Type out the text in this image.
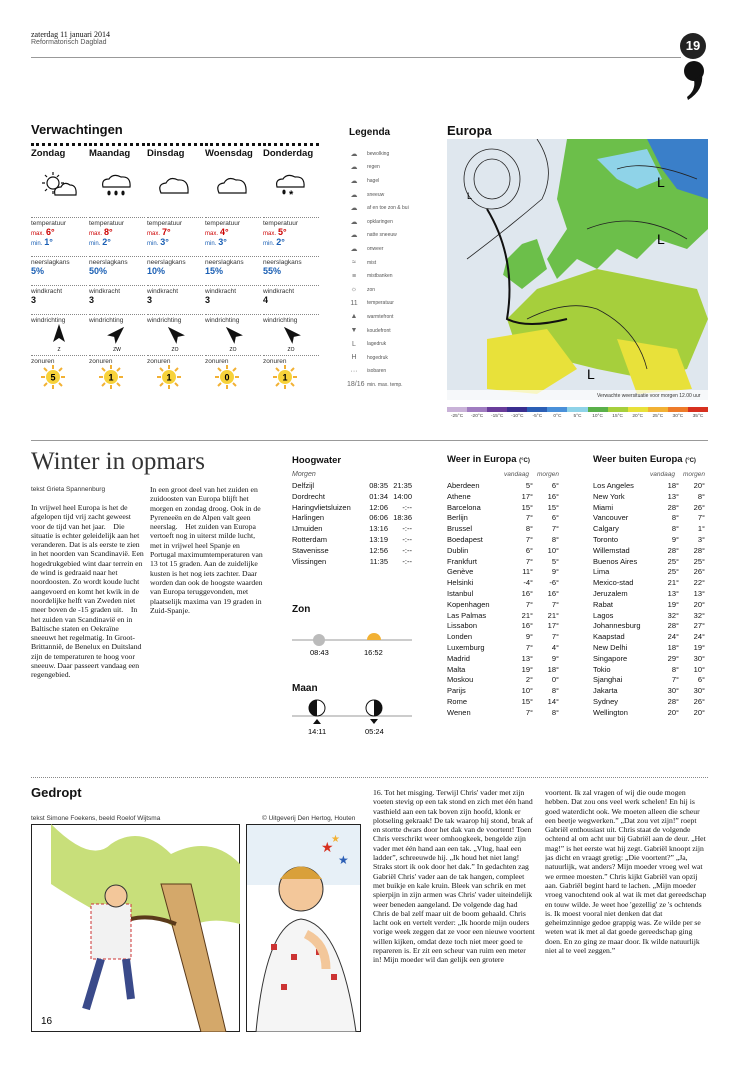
zaterdag 11 januari 2014
Reformatorisch Dagblad	19
Verwachtingen
Zondag
temperatuur
max. 6°
min. 1°
neerslagkans
5%
windkracht
3
windrichting
Z
zonuren
5
Maandag
temperatuur
max. 8°
min. 2°
neerslagkans
50%
windkracht
3
windrichting
ZW
zonuren
1
Dinsdag
temperatuur
max. 7°
min. 3°
neerslagkans
10%
windkracht
3
windrichting
ZO
zonuren
1
Woensdag
temperatuur
max. 4°
min. 3°
neerslagkans
15%
windkracht
3
windrichting
ZO
zonuren
0
Donderdag
*
temperatuur
max. 5°
min. 2°
neerslagkans
55%
windkracht
4
windrichting
ZO
zonuren
1
Legenda
☁	bewolking
☁	regen
☁	hagel
☁	sneeuw
☁	af en toe zon & bui
☁	opklaringen
☁	natte sneeuw
☁	onweer
≈	mist
≡	mistbanken
☼	zon
11	temperatuur
▲	warmtefront
▼	koudefront
L	lagedruk
H	hogedruk
···	isobaren
18/16 min. max. temp.
Europa
L
L
L
L
Verwachte weersituatie voor morgen 12.00 uur
-25°C	-20°C	-15°C	-10°C	-5°C	0°C	5°C	10°C	15°C	20°C	25°C	30°C	35°C
Winter in opmars
tekst Grieta Spannenburg
In vrijwel heel Europa is het de afgelopen tijd vrij zacht geweest voor de tijd van het jaar. Die situatie is echter geleidelijk aan het veranderen. Dat is als eerste te zien in het noorden van Scandinavië. Een hogedrukgebied wint daar terrein en de wind is gedraaid naar het noordoosten. Zo wordt koude lucht aangevoerd en komt het kwik in de noordelijke helft van Zweden niet meer boven de -15 graden uit. In het zuiden van Scandinavië en in Baltische staten en Oekraïne sneeuwt het regelmatig. In Groot-Brittannië, de Benelux en Duitsland zijn de temperaturen te hoog voor sneeuw. Daar passeert vandaag een regengebied.
In een groot deel van het zuiden en zuidoosten van Europa blijft het morgen en zondag droog. Ook in de Pyreneeën en de Alpen valt geen neerslag. Het zuiden van Europa vertoeft nog in uiterst milde lucht, met in vrijwel heel Spanje en Portugal maximumtemperaturen van 13 tot 15 graden. Aan de zuidelijke kusten is het nog iets zachter. Daar worden dan ook de hoogste waarden van Europa teruggevonden, met plaatselijk maxima van 19 graden in Zuid-Spanje.
Hoogwater
Morgen
Delfzijl	08:35 21:35
Dordrecht	01:34 14:00
Haringvlietsluizen	12:06	-:--
Harlingen	06:06 18:36
IJmuiden	13:16	-:--
Rotterdam	13:19	-:--
Stavenisse	12:56	-:--
Vlissingen	11:35	-:--
Zon
08:43	16:52
Maan
14:11	05:24
Weer in Europa (°C)
vandaag morgen
Aberdeen	5°	6°
Athene	17°	16°
Barcelona	15°	15°
Berlijn	7°	6°
Brussel	8°	7°
Boedapest	7°	8°
Dublin	6°	10°
Frankfurt	7°	5°
Genève	11°	9°
Helsinki	-4°	-6°
Istanbul	16°	16°
Kopenhagen	7°	7°
Las Palmas	21°	21°
Lissabon	16°	17°
Londen	9°	7°
Luxemburg	7°	4°
Madrid	13°	9°
Malta	19°	18°
Moskou	2°	0°
Parijs	10°	8°
Rome	15°	14°
Wenen	7°	8°
Weer buiten Europa (°C)
vandaag morgen
Los Angeles	18°	20°
New York	13°	8°
Miami	28°	26°
Vancouver	8°	7°
Calgary	8°	1°
Toronto	9°	3°
Willemstad	28°	28°
Buenos Aires	25°	25°
Lima	25°	26°
Mexico-stad	21°	22°
Jeruzalem	13°	13°
Rabat	19°	20°
Lagos	32°	32°
Johannesburg	28°	27°
Kaapstad	24°	24°
New Delhi	18°	19°
Singapore	29°	30°
Tokio	8°	10°
Sjanghai	7°	6°
Jakarta	30°	30°
Sydney	28°	26°
Wellington	20°	20°
Gedropt
tekst Simone Foekens, beeld Roelof Wijtsma	© Uitgeverij Den Hertog, Houten
16
★
★
★
16. Tot het misging. Terwijl Chris' vader met zijn voeten stevig op een tak stond en zich met één hand vasthield aan een tak boven zijn hoofd, klonk er plotseling gekraak! De tak waarop hij stond, brak af en stortte dwars door het dak van de voortent! Toen Chris verschrikt weer omhoogkeek, bengelde zijn vader met één hand aan een tak. „Vlug, haal een ladder”, schreeuwde hij. „Ik houd het niet lang! Straks stort ik ook door het dak.” In gedachten zag Gabriël Chris' vader aan de tak hangen, compleet met buikje en kale kruin. Bleek van schrik en met spierpijn in zijn armen was Chris' vader uiteindelijk weer beneden aangeland. De volgende dag had Chris de bal zelf maar uit de boom gehaald. Chris lacht ook en vertelt verder: „Ik hoorde mijn ouders vorige week zeggen dat ze voor een nieuwe voortent willen kijken, omdat deze toch niet meer goed te repareren is. Er zit een scheur van ruim een meter in! Mijn moeder wil dan gelijk een grotere
voortent. Ik zal vragen of wij die oude mogen hebben. Dat zou ons veel werk schelen! En hij is goed waterdicht ook. We moeten alleen die scheur een beetje wegwerken.” „Dat zou vet zijn!” roept Gabriël enthousiast uit. Chris staat de volgende ochtend al om acht uur bij Gabriël aan de deur. „Het mag!” is het eerste wat hij zegt. Gabriël knoopt zijn jas dicht en vraagt gretig: „Die voortent?” „Ja, natuurlijk, wat anders? Mijn moeder vroeg wel wat we ermee moesten.” Chris kijkt Gabriël van opzij aan. Gabriël begint hard te lachen. „Mijn moeder vroeg vanochtend ook al wat ik met dat gereedschap en touw wilde. Je weet hoe 'gezellig' ze 's ochtends is. Ik moest vooral niet denken dat dat geheimzinnige gedoe grappig was. Ze wilde per se weten wat ik met al dat goede gereedschap ging doen. En zo ging ze maar door. Ik wilde natuurlijk niet al te veel zeggen.”
